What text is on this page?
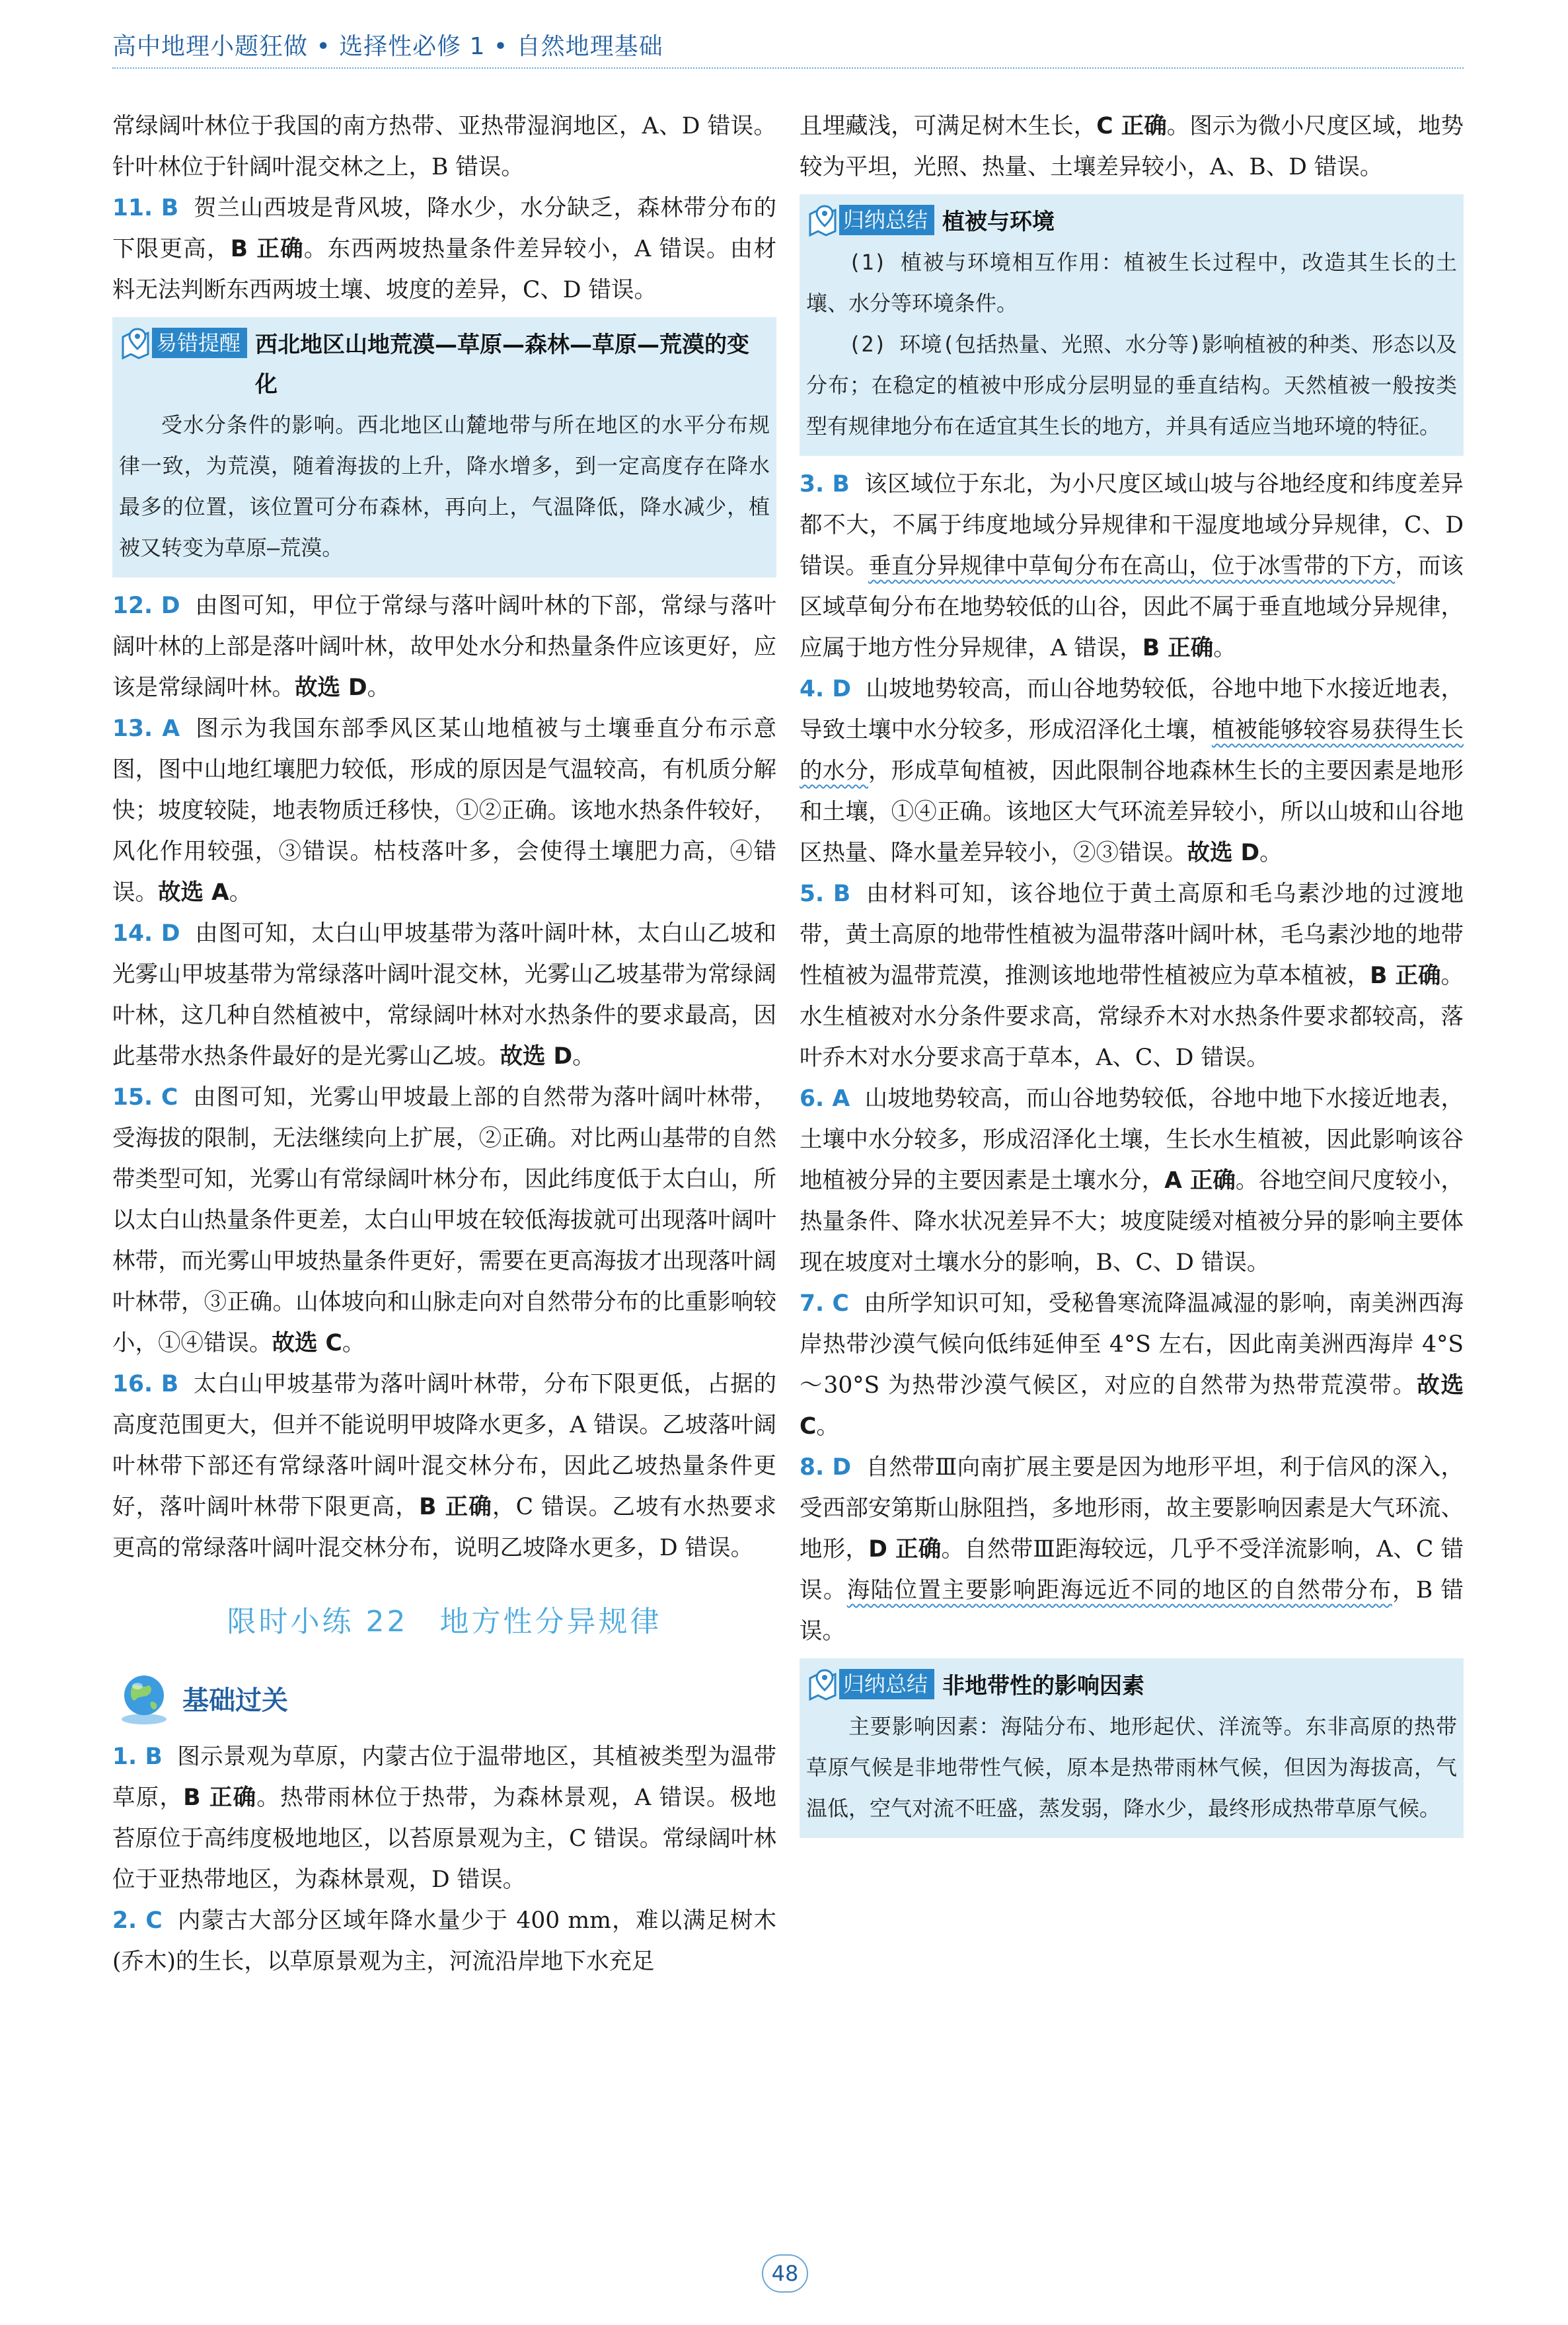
高中地理小题狂做 • 选择性必修 1 • 自然地理基础

常绿阔叶林位于我国的南方热带、亚热带湿润地区，A、D 错误。针叶林位于针阔叶混交林之上，B 错误。

11. B 贺兰山西坡是背风坡，降水少，水分缺乏，森林带分布的下限更高，B 正确。东西两坡热量条件差异较小，A 错误。由材料无法判断东西两坡土壤、坡度的差异，C、D 错误。

易错提醒 西北地区山地荒漠—草原—森林—草原—荒漠的变化

受水分条件的影响。西北地区山麓地带与所在地区的水平分布规律一致，为荒漠，随着海拔的上升，降水增多，到一定高度存在降水最多的位置，该位置可分布森林，再向上，气温降低，降水减少，植被又转变为草原—荒漠。

12. D 由图可知，甲位于常绿与落叶阔叶林的下部，常绿与落叶阔叶林的上部是落叶阔叶林，故甲处水分和热量条件应该更好，应该是常绿阔叶林。故选 D。

13. A 图示为我国东部季风区某山地植被与土壤垂直分布示意图，图中山地红壤肥力较低，形成的原因是气温较高，有机质分解快；坡度较陡，地表物质迁移快，①②正确。该地水热条件较好，风化作用较强，③错误。枯枝落叶多，会使得土壤肥力高，④错误。故选 A。

14. D 由图可知，太白山甲坡基带为落叶阔叶林，太白山乙坡和光雾山甲坡基带为常绿落叶阔叶混交林，光雾山乙坡基带为常绿阔叶林，这几种自然植被中，常绿阔叶林对水热条件的要求最高，因此基带水热条件最好的是光雾山乙坡。故选 D。

15. C 由图可知，光雾山甲坡最上部的自然带为落叶阔叶林带，受海拔的限制，无法继续向上扩展，②正确。对比两山基带的自然带类型可知，光雾山有常绿阔叶林分布，因此纬度低于太白山，所以太白山热量条件更差，太白山甲坡在较低海拔就可出现落叶阔叶林带，而光雾山甲坡热量条件更好，需要在更高海拔才出现落叶阔叶林带，③正确。山体坡向和山脉走向对自然带分布的比重影响较小，①④错误。故选 C。

16. B 太白山甲坡基带为落叶阔叶林带，分布下限更低，占据的高度范围更大，但并不能说明甲坡降水更多，A 错误。乙坡落叶阔叶林带下部还有常绿落叶阔叶混交林分布，因此乙坡热量条件更好，落叶阔叶林带下限更高，B 正确，C 错误。乙坡有水热要求更高的常绿落叶阔叶混交林分布，说明乙坡降水更多，D 错误。

限时小练 22　地方性分异规律
基础过关

1. B 图示景观为草原，内蒙古位于温带地区，其植被类型为温带草原，B 正确。热带雨林位于热带，为森林景观，A 错误。极地苔原位于高纬度极地地区，以苔原景观为主，C 错误。常绿阔叶林位于亚热带地区，为森林景观，D 错误。

2. C 内蒙古大部分区域年降水量少于 400 mm，难以满足树木(乔木)的生长，以草原景观为主，河流沿岸地下水充足

且埋藏浅，可满足树木生长，C 正确。图示为微小尺度区域，地势较为平坦，光照、热量、土壤差异较小，A、B、D 错误。

归纳总结 植被与环境

(1) 植被与环境相互作用：植被生长过程中，改造其生长的土壤、水分等环境条件。

(2) 环境(包括热量、光照、水分等)影响植被的种类、形态以及分布；在稳定的植被中形成分层明显的垂直结构。天然植被一般按类型有规律地分布在适宜其生长的地方，并具有适应当地环境的特征。

3. B 该区域位于东北，为小尺度区域山坡与谷地经度和纬度差异都不大，不属于纬度地域分异规律和干湿度地域分异规律，C、D 错误。垂直分异规律中草甸分布在高山，位于冰雪带的下方，而该区域草甸分布在地势较低的山谷，因此不属于垂直地域分异规律，应属于地方性分异规律，A 错误，B 正确。

4. D 山坡地势较高，而山谷地势较低，谷地中地下水接近地表，导致土壤中水分较多，形成沼泽化土壤，植被能够较容易获得生长的水分，形成草甸植被，因此限制谷地森林生长的主要因素是地形和土壤，①④正确。该地区大气环流差异较小，所以山坡和山谷地区热量、降水量差异较小，②③错误。故选 D。

5. B 由材料可知，该谷地位于黄土高原和毛乌素沙地的过渡地带，黄土高原的地带性植被为温带落叶阔叶林，毛乌素沙地的地带性植被为温带荒漠，推测该地地带性植被应为草本植被，B 正确。水生植被对水分条件要求高，常绿乔木对水热条件要求都较高，落叶乔木对水分要求高于草本，A、C、D 错误。

6. A 山坡地势较高，而山谷地势较低，谷地中地下水接近地表，土壤中水分较多，形成沼泽化土壤，生长水生植被，因此影响该谷地植被分异的主要因素是土壤水分，A 正确。谷地空间尺度较小，热量条件、降水状况差异不大；坡度陡缓对植被分异的影响主要体现在坡度对土壤水分的影响，B、C、D 错误。

7. C 由所学知识可知，受秘鲁寒流降温减湿的影响，南美洲西海岸热带沙漠气候向低纬延伸至 4°S 左右，因此南美洲西海岸 4°S～30°S 为热带沙漠气候区，对应的自然带为热带荒漠带。故选 C。

8. D 自然带Ⅲ向南扩展主要是因为地形平坦，利于信风的深入，受西部安第斯山脉阻挡，多地形雨，故主要影响因素是大气环流、地形，D 正确。自然带Ⅲ距海较远，几乎不受洋流影响，A、C 错误。海陆位置主要影响距海远近不同的地区的自然带分布，B 错误。

归纳总结 非地带性的影响因素

主要影响因素：海陆分布、地形起伏、洋流等。东非高原的热带草原气候是非地带性气候，原本是热带雨林气候，但因为海拔高，气温低，空气对流不旺盛，蒸发弱，降水少，最终形成热带草原气候。

48
